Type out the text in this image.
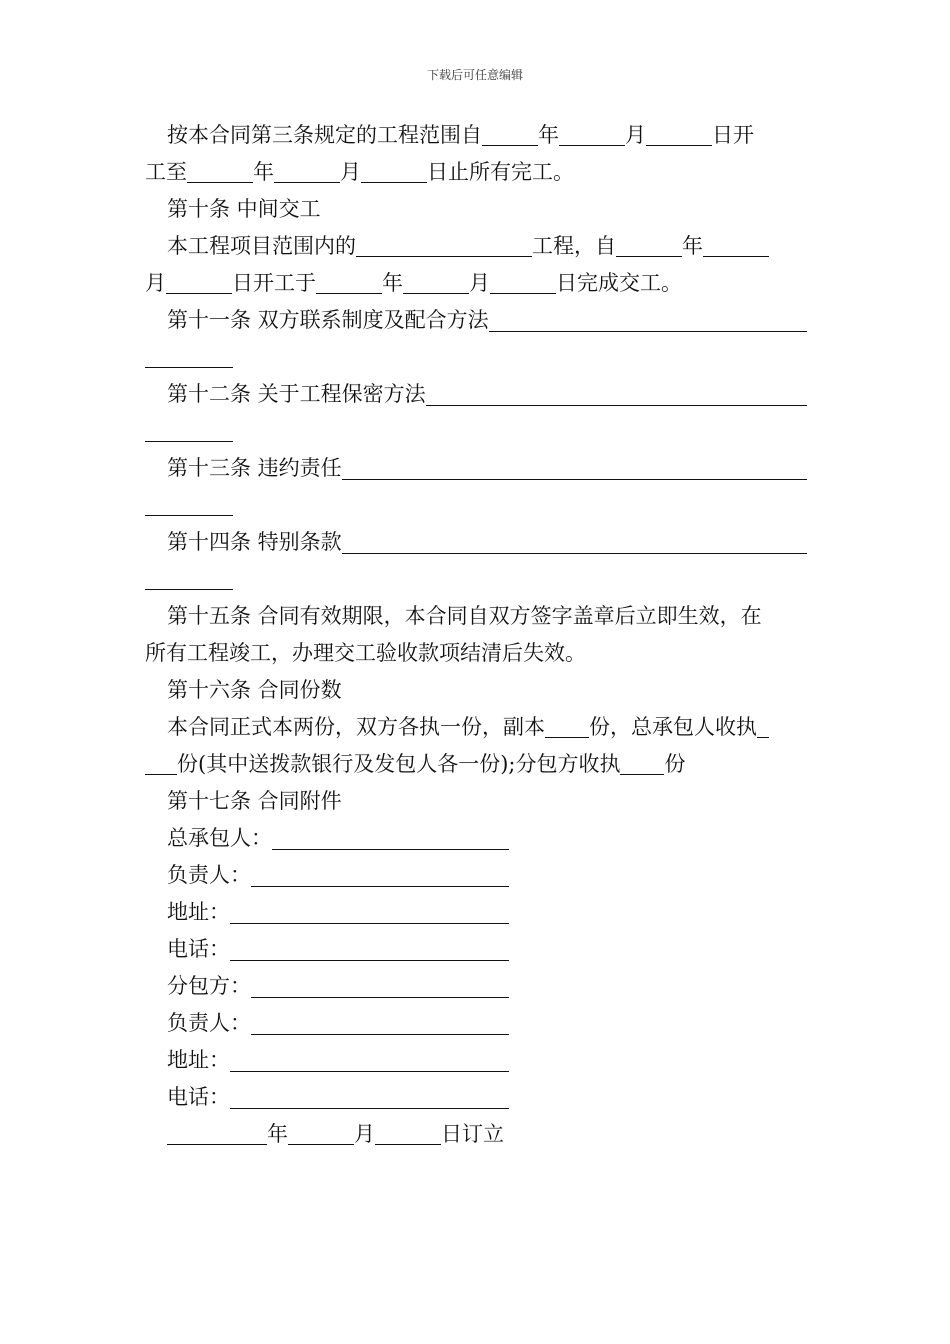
下载后可任意编辑
按本合同第三条规定的工程范围自	年	月	日开
工至	年	月	日止所有完工。
第十条 中间交工
本工程项目范围内的	工程，自	年
月	日开工于	年	月	日完成交工。
第十一条 双方联系制度及配合方法
第十二条 关于工程保密方法
第十三条 违约责任
第十四条 特别条款
第十五条 合同有效期限，本合同自双方签字盖章后立即生效，在
所有工程竣工，办理交工验收款项结清后失效。
第十六条 合同份数
本合同正式本两份，双方各执一份，副本 份，总承包人收执
份(其中送拨款银行及发包人各一份);分包方收执 份
第十七条 合同附件
总承包人：
负责人：
地址：
电话：
分包方：
负责人：
地址：
电话：
年	月	日订立
